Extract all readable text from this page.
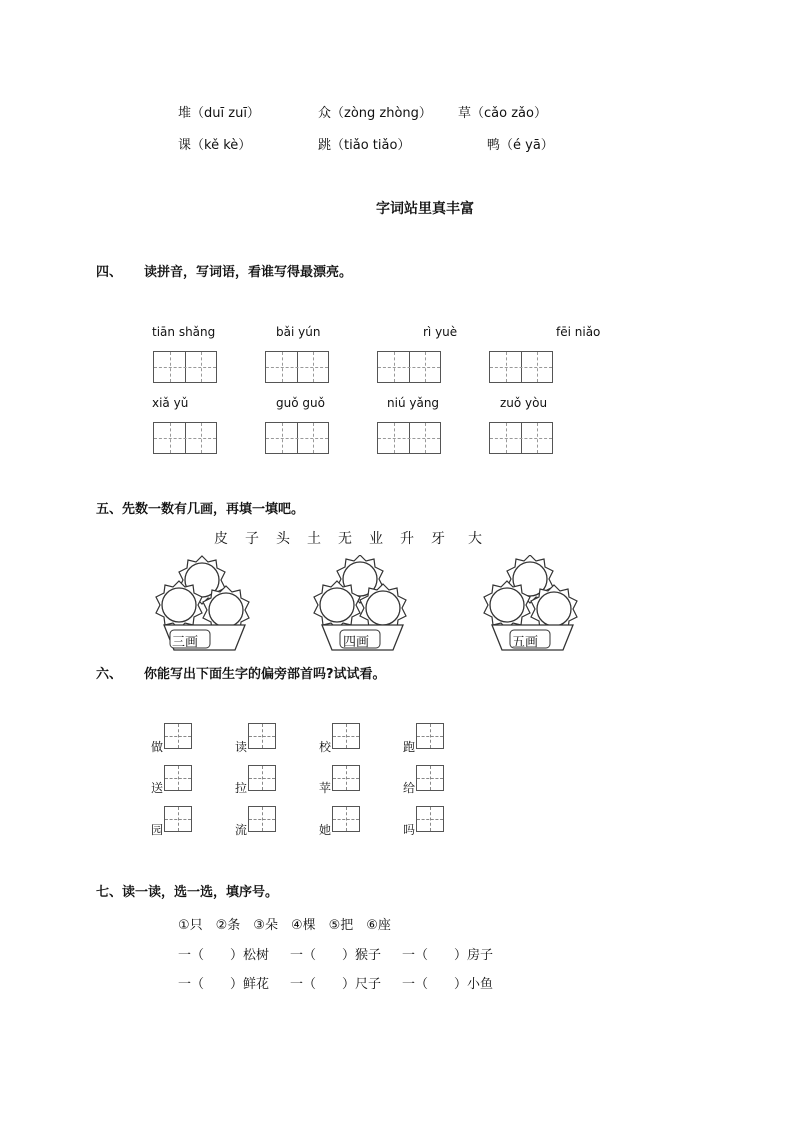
堆（duī zuī）	众（zòng zhòng） 草（cǎo zǎo）
课（kě kè）	跳（tiǎo tiǎo）	鸭（é yā）
字词站里真丰富
四、 读拼音，写词语，看谁写得最漂亮。
tiān shǎng	bǎi yún	rì yuè	fēi niǎo
xiǎ yǔ	guǒ guǒ	niú yǎng	zuǒ yòu
五、先数一数有几画，再填一填吧。
皮 子 头 土 无 业 升 牙 大
三画	四画	五画
六、 你能写出下面生字的偏旁部首吗?试试看。
做	读	校	跑
送	拉	苹	给
园	流	她	吗
七、读一读，选一选，填序号。
①只　②条　③朵　④棵　⑤把　⑥座
一（　　）松树 一（　　）猴子 一（　　）房子
一（　　）鲜花 一（　　）尺子 一（　　）小鱼
